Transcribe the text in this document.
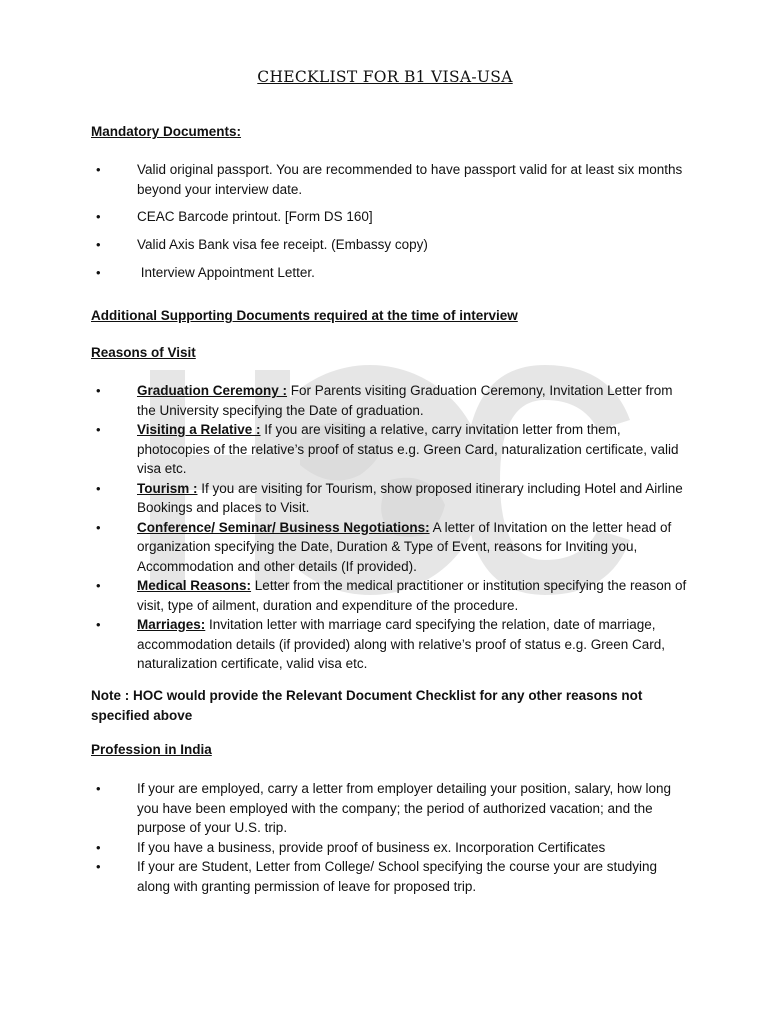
CHECKLIST FOR B1 VISA-USA
Mandatory Documents:
•	Valid original passport. You are recommended to have passport valid for at least six months beyond your interview date.
•	CEAC Barcode printout. [Form DS 160]
•	Valid Axis Bank visa fee receipt. (Embassy copy)
•	Interview Appointment Letter.
Additional Supporting Documents required at the time of interview
Reasons of Visit
•	Graduation Ceremony : For Parents visiting Graduation Ceremony, Invitation Letter from the University specifying the Date of graduation.
•	Visiting a Relative : If you are visiting a relative, carry invitation letter from them, photocopies of the relative’s proof of status e.g. Green Card, naturalization certificate, valid visa etc.
•	Tourism : If you are visiting for Tourism, show proposed itinerary including Hotel and Airline Bookings and places to Visit.
•	Conference/ Seminar/ Business Negotiations: A letter of Invitation on the letter head of organization specifying the Date, Duration & Type of Event, reasons for Inviting you, Accommodation and other details (If provided).
•	Medical Reasons: Letter from the medical practitioner or institution specifying the reason of visit, type of ailment, duration and expenditure of the procedure.
•	Marriages: Invitation letter with marriage card specifying the relation, date of marriage, accommodation details (if provided) along with relative’s proof of status e.g. Green Card, naturalization certificate, valid visa etc.
Note : HOC would provide the Relevant Document Checklist for any other reasons not specified above
Profession in India
•	If your are employed, carry a letter from employer detailing your position, salary, how long you have been employed with the company; the period of authorized vacation; and the purpose of your U.S. trip.
•	If you have a business, provide proof of business ex. Incorporation Certificates
•	If your are Student, Letter from College/ School specifying the course your are studying along with granting permission of leave for proposed trip.
